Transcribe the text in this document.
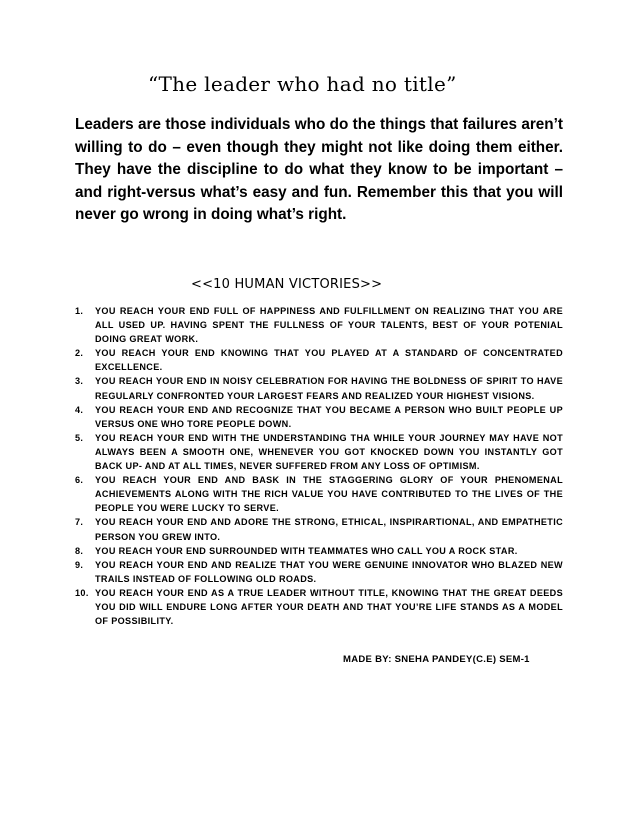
“The leader who had no title”

Leaders are those individuals who do the things that failures aren’t willing to do – even though they might not like doing them either. They have the discipline to do what they know to be important –and right-versus what’s easy and fun. Remember this that you will never go wrong in doing what’s right.

<<10 HUMAN VICTORIES>>
1. YOU REACH YOUR END FULL OF HAPPINESS AND FULFILLMENT ON REALIZING THAT YOU ARE ALL USED UP. HAVING SPENT THE FULLNESS OF YOUR TALENTS, BEST OF YOUR POTENIAL DOING GREAT WORK.
2. YOU REACH YOUR END KNOWING THAT YOU PLAYED AT A STANDARD OF CONCENTRATED EXCELLENCE.
3. YOU REACH YOUR END IN NOISY CELEBRATION FOR HAVING THE BOLDNESS OF SPIRIT TO HAVE REGULARLY CONFRONTED YOUR LARGEST FEARS AND REALIZED YOUR HIGHEST VISIONS.
4. YOU REACH YOUR END AND RECOGNIZE THAT YOU BECAME A PERSON WHO BUILT PEOPLE UP VERSUS ONE WHO TORE PEOPLE DOWN.
5. YOU REACH YOUR END WITH THE UNDERSTANDING THA WHILE YOUR JOURNEY MAY HAVE NOT ALWAYS BEEN A SMOOTH ONE, WHENEVER YOU GOT KNOCKED DOWN YOU INSTANTLY GOT BACK UP- AND AT ALL TIMES, NEVER SUFFERED FROM ANY LOSS OF OPTIMISM.
6. YOU REACH YOUR END AND BASK IN THE STAGGERING GLORY OF YOUR PHENOMENAL ACHIEVEMENTS ALONG WITH THE RICH VALUE YOU HAVE CONTRIBUTED TO THE LIVES OF THE PEOPLE YOU WERE LUCKY TO SERVE.
7. YOU REACH YOUR END AND ADORE THE STRONG, ETHICAL, INSPIRARTIONAL, AND EMPATHETIC PERSON YOU GREW INTO.
8. YOU REACH YOUR END SURROUNDED WITH TEAMMATES WHO CALL YOU A ROCK STAR.
9. YOU REACH YOUR END AND REALIZE THAT YOU WERE GENUINE INNOVATOR WHO BLAZED NEW TRAILS INSTEAD OF FOLLOWING OLD ROADS.
10. YOU REACH YOUR END AS A TRUE LEADER WITHOUT TITLE, KNOWING THAT THE GREAT DEEDS YOU DID WILL ENDURE LONG AFTER YOUR DEATH AND THAT YOU’RE LIFE STANDS AS A MODEL OF POSSIBILITY.
MADE BY: SNEHA PANDEY(C.E) SEM-1
